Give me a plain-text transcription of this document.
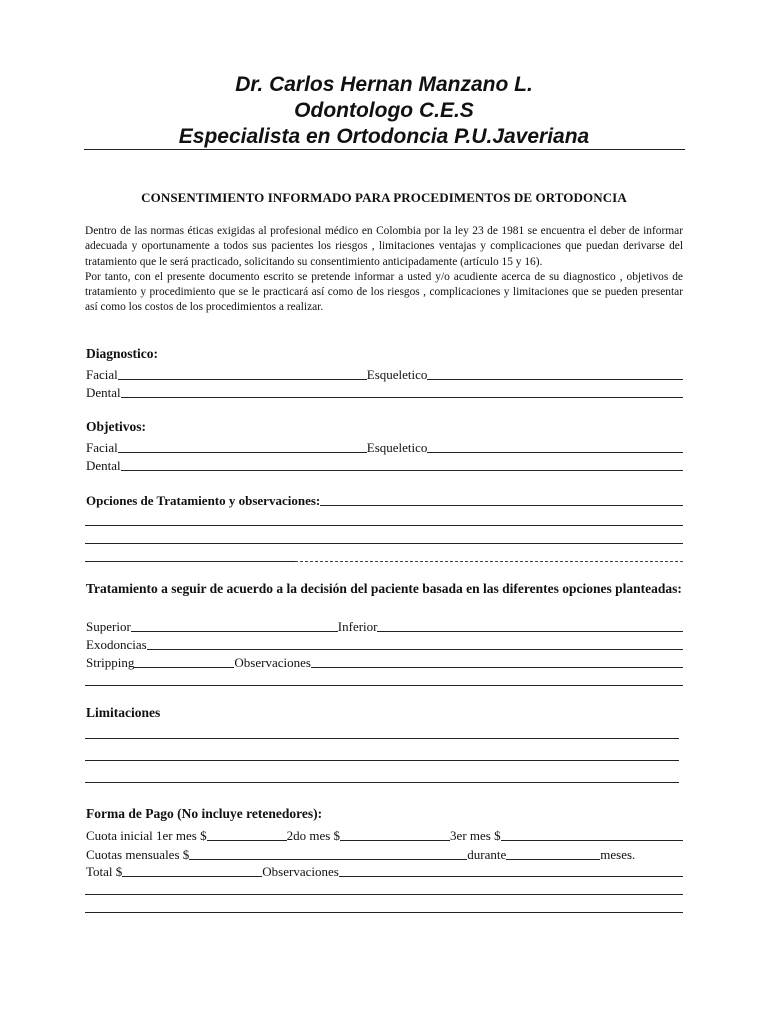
Dr. Carlos Hernan Manzano L.
Odontologo C.E.S
Especialista en Ortodoncia P.U.Javeriana
CONSENTIMIENTO INFORMADO PARA PROCEDIMENTOS DE ORTODONCIA

Dentro de las normas éticas exigidas al profesional médico en Colombia por la ley 23 de 1981 se encuentra el deber de informar adecuada y oportunamente a todos sus pacientes los riesgos , limitaciones ventajas y complicaciones que puedan derivarse del tratamiento que le será practicado, solicitando su consentimiento anticipadamente (artículo 15 y 16).

Por tanto, con el presente documento escrito se pretende informar a usted y/o acudiente acerca de su diagnostico , objetivos de tratamiento y procedimiento que se le practicará así como de los riesgos , complicaciones y limitaciones que se pueden presentar así como los costos de los procedimientos a realizar.

Diagnostico:
Facial	Esqueletico
Dental
Objetivos:
Facial	Esqueletico
Dental
Opciones de Tratamiento y observaciones:
Tratamiento a seguir de acuerdo a la decisión del paciente basada en las diferentes opciones planteadas:
Superior	Inferior
Exodoncias
Stripping	Observaciones
Limitaciones
Forma de Pago (No incluye retenedores):
Cuota inicial 1er mes $	2do mes $	3er mes $
Cuotas mensuales $	durante	meses.
Total $	Observaciones
